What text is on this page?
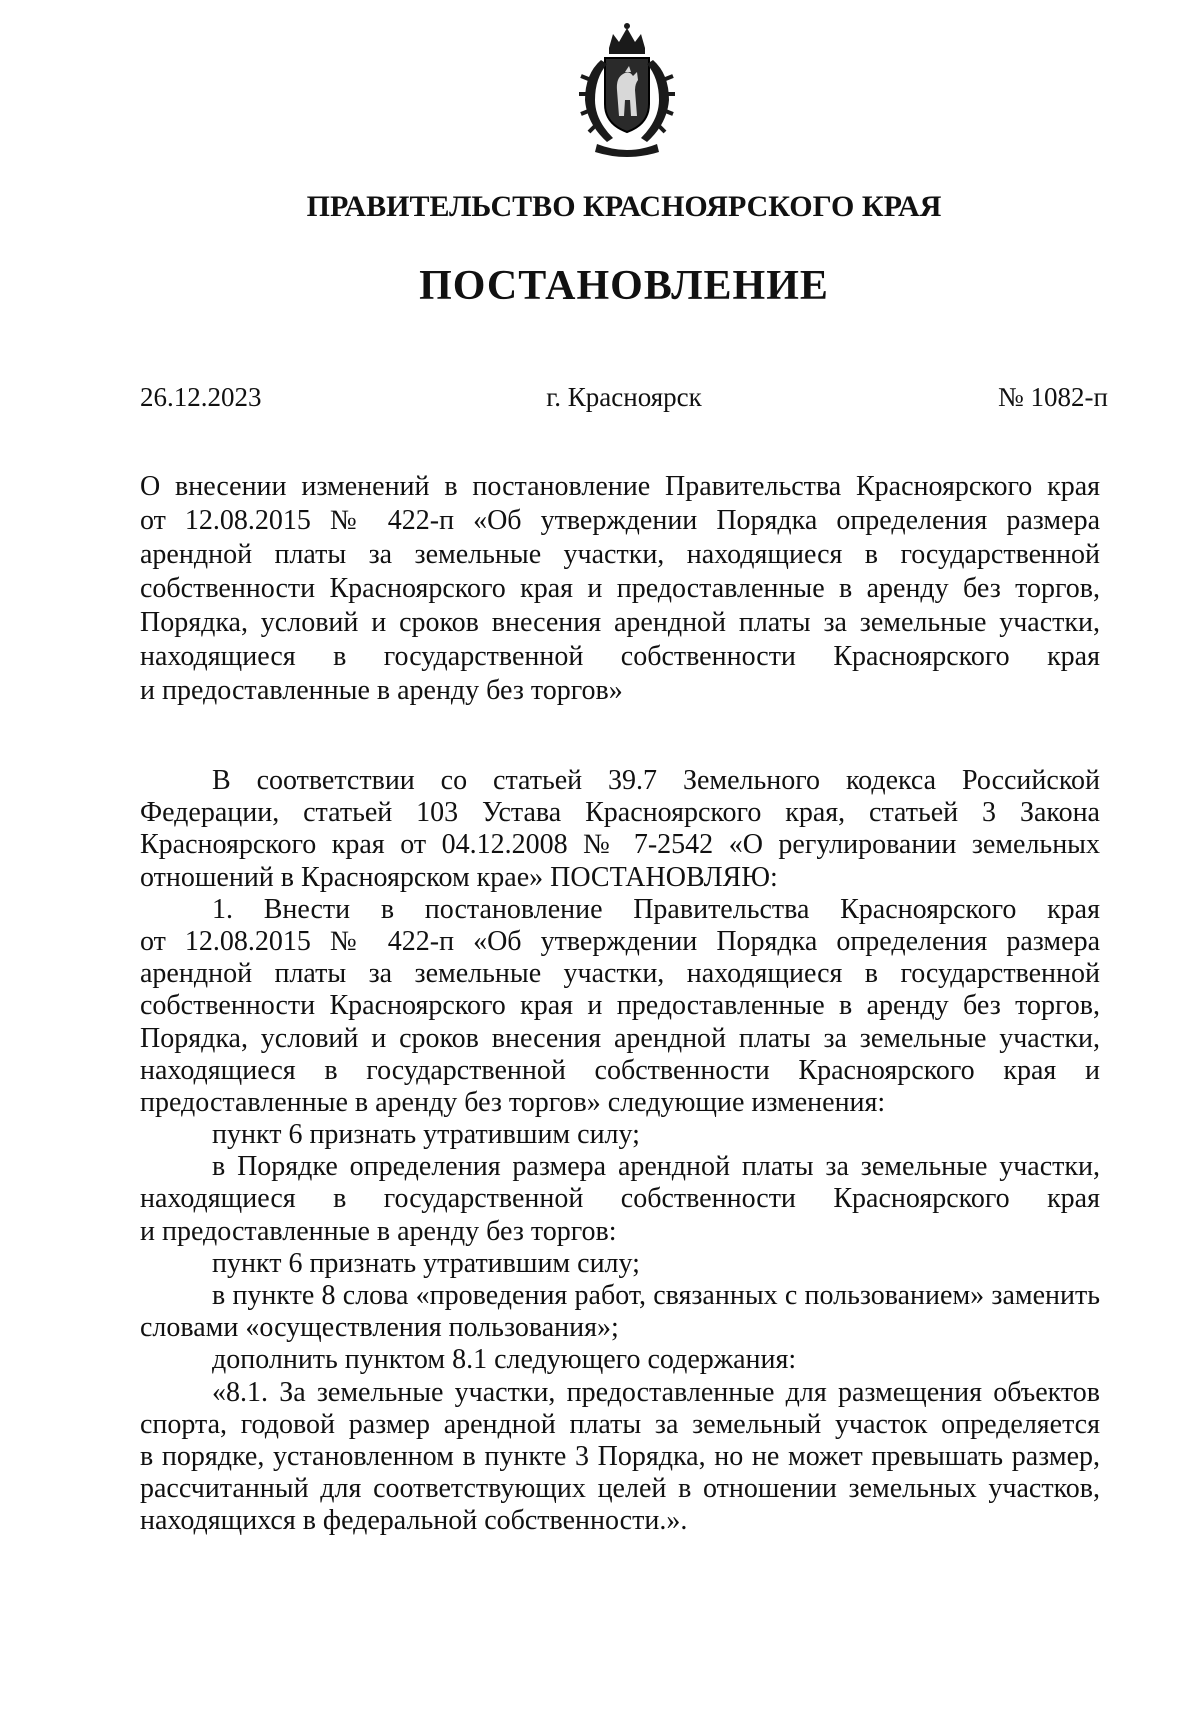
ПРАВИТЕЛЬСТВО КРАСНОЯРСКОГО КРАЯ
ПОСТАНОВЛЕНИЕ
26.12.2023	г. Красноярск	№ 1082-п
О внесении изменений в постановление Правительства Красноярского края
от 12.08.2015 № 422-п «Об утверждении Порядка определения размера
арендной платы за земельные участки, находящиеся в государственной
собственности Красноярского края и предоставленные в аренду без торгов,
Порядка, условий и сроков внесения арендной платы за земельные участки,
находящиеся в государственной собственности Красноярского края
и предоставленные в аренду без торгов»
В соответствии со статьей 39.7 Земельного кодекса Российской
Федерации, статьей 103 Устава Красноярского края, статьей 3 Закона
Красноярского края от 04.12.2008 № 7-2542 «О регулировании земельных
отношений в Красноярском крае» ПОСТАНОВЛЯЮ:
1. Внести в постановление Правительства Красноярского края
от 12.08.2015 № 422-п «Об утверждении Порядка определения размера
арендной платы за земельные участки, находящиеся в государственной
собственности Красноярского края и предоставленные в аренду без торгов,
Порядка, условий и сроков внесения арендной платы за земельные участки,
находящиеся в государственной собственности Красноярского края и
предоставленные в аренду без торгов» следующие изменения:
пункт 6 признать утратившим силу;
в Порядке определения размера арендной платы за земельные участки,
находящиеся в государственной собственности Красноярского края
и предоставленные в аренду без торгов:
пункт 6 признать утратившим силу;
в пункте 8 слова «проведения работ, связанных с пользованием» заменить
словами «осуществления пользования»;
дополнить пунктом 8.1 следующего содержания:
«8.1. За земельные участки, предоставленные для размещения объектов
спорта, годовой размер арендной платы за земельный участок определяется
в порядке, установленном в пункте 3 Порядка, но не может превышать размер,
рассчитанный для соответствующих целей в отношении земельных участков,
находящихся в федеральной собственности.».
